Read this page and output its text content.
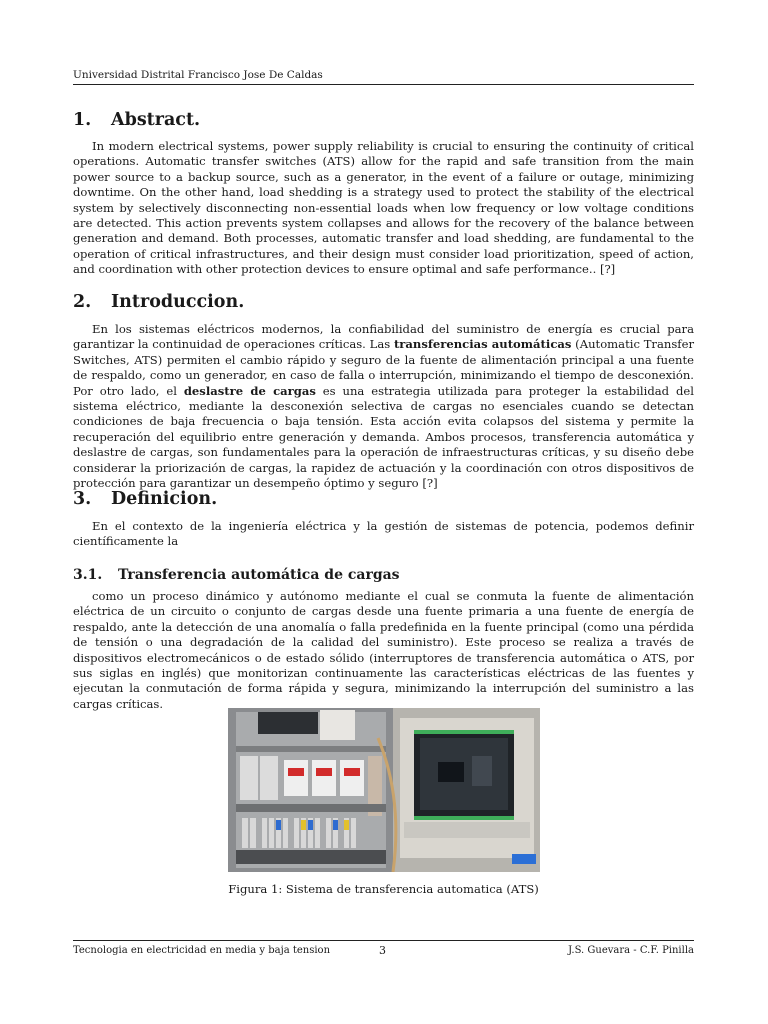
Universidad Distrital Francisco Jose De Caldas
1. Abstract.

In modern electrical systems, power supply reliability is crucial to ensuring the continuity of critical operations. Automatic transfer switches (ATS) allow for the rapid and safe transition from the main power source to a backup source, such as a generator, in the event of a failure or outage, minimizing downtime. On the other hand, load shedding is a strategy used to protect the stability of the electrical system by selectively disconnecting non-essential loads when low frequency or low voltage conditions are detected. This action prevents system collapses and allows for the recovery of the balance between generation and demand. Both processes, automatic transfer and load shedding, are fundamental to the operation of critical infrastructures, and their design must consider load prioritization, speed of action, and coordination with other protection devices to ensure optimal and safe performance.. [?]

2. Introduccion.

En los sistemas eléctricos modernos, la confiabilidad del suministro de energía es crucial para garantizar la continuidad de operaciones críticas. Las transferencias automáticas (Automatic Transfer Switches, ATS) permiten el cambio rápido y seguro de la fuente de alimentación principal a una fuente de respaldo, como un generador, en caso de falla o interrupción, minimizando el tiempo de desconexión. Por otro lado, el deslastre de cargas es una estrategia utilizada para proteger la estabilidad del sistema eléctrico, mediante la desconexión selectiva de cargas no esenciales cuando se detectan condiciones de baja frecuencia o baja tensión. Esta acción evita colapsos del sistema y permite la recuperación del equilibrio entre generación y demanda. Ambos procesos, transferencia automática y deslastre de cargas, son fundamentales para la operación de infraestructuras críticas, y su diseño debe considerar la priorización de cargas, la rapidez de actuación y la coordinación con otros dispositivos de protección para garantizar un desempeño óptimo y seguro [?]

3. Definicion.

En el contexto de la ingeniería eléctrica y la gestión de sistemas de potencia, podemos definir científicamente la

3.1. Transferencia automática de cargas

como un proceso dinámico y autónomo mediante el cual se conmuta la fuente de alimentación eléctrica de un circuito o conjunto de cargas desde una fuente primaria a una fuente de energía de respaldo, ante la detección de una anomalía o falla predefinida en la fuente principal (como una pérdida de tensión o una degradación de la calidad del suministro). Este proceso se realiza a través de dispositivos electromecánicos o de estado sólido (interruptores de transferencia automática o ATS, por sus siglas en inglés) que monitorizan continuamente las características eléctricas de las fuentes y ejecutan la conmutación de forma rápida y segura, minimizando la interrupción del suministro a las cargas críticas.

Figura 1: Sistema de transferencia automatica (ATS)
Tecnologia en electricidad en media y baja tension	3	J.S. Guevara - C.F. Pinilla
